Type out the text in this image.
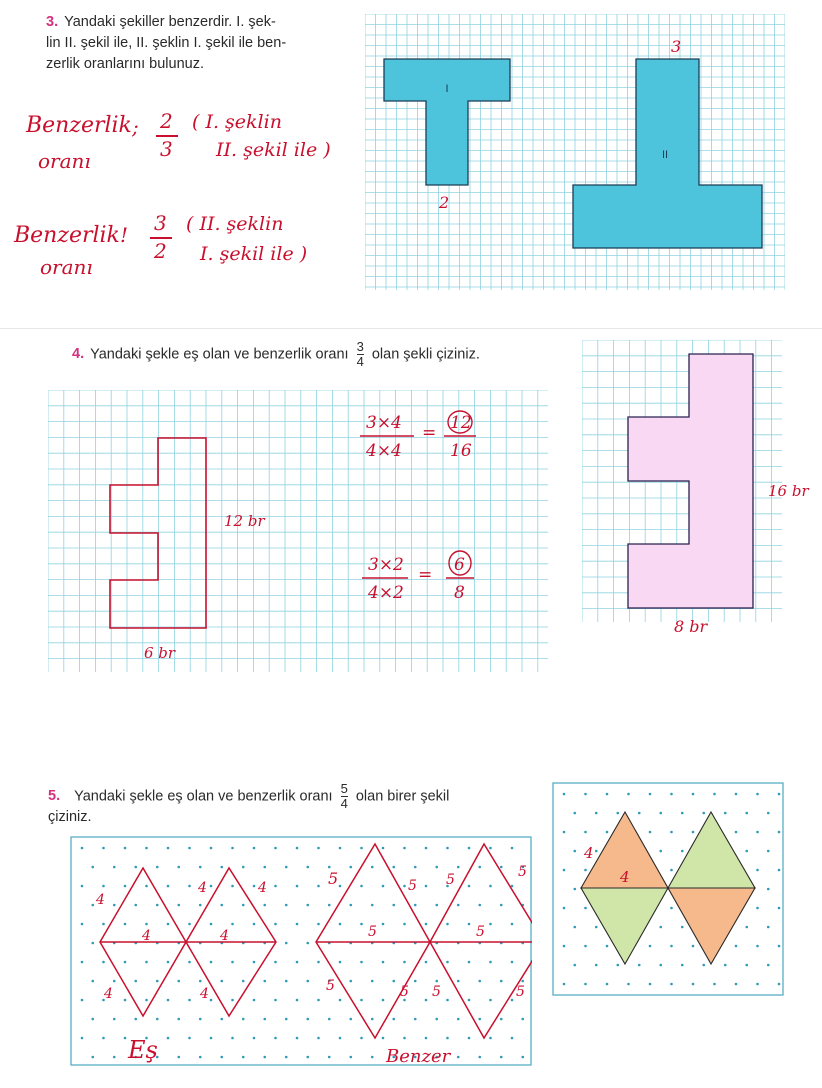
3. Yandaki şekiller benzerdir. I. şek-
lin II. şekil ile, II. şeklin I. şekil ile ben-
zerlik oranlarını bulunuz.
Benzerlik
oranı
; 2
3
( I. şeklin
II. şekil ile )
Benzerlik
oranı
! 3
2
( II. şeklin
I. şekil ile )
I
II
3
2
4. Yandaki şekle eş olan ve benzerlik oranı $\frac{3}{4}$ olan şekli çiziniz.
12 br
6 br
3×4
4×4
= 12
16
3×2
4×2
= 6
8
16 br
8 br
5. Yandaki şekle eş olan ve benzerlik oranı $\frac{5}{4}$ olan birer şekil
çiziniz.
4
4	4
4	4
4	4
Eş
5	5 5	5
5	5
5	5 5	5
Benzer
4
4
